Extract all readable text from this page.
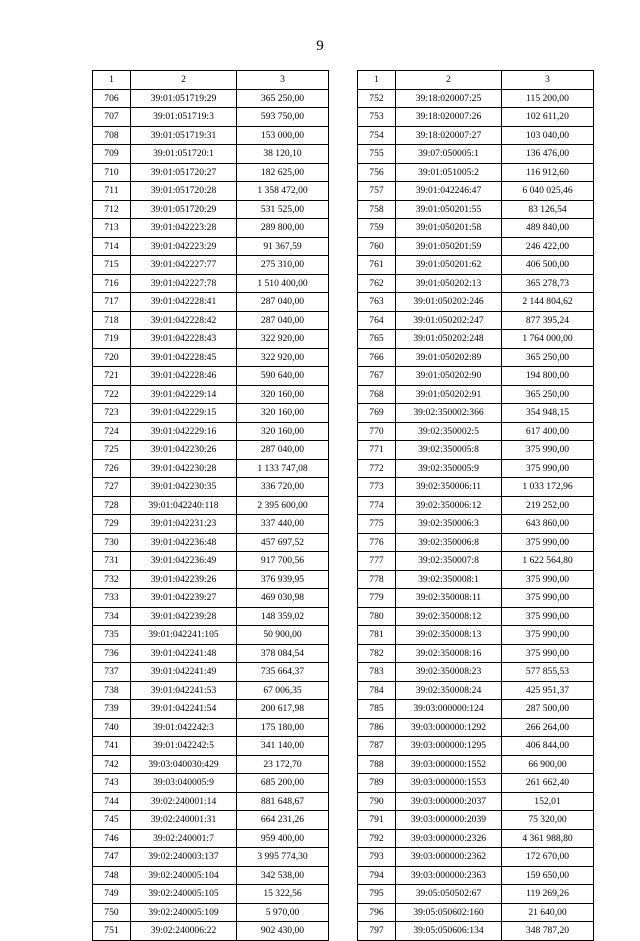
9
1	2	3
706	39:01:051719:29	365 250,00
707	39:01:051719:3	593 750,00
708	39:01:051719:31	153 000,00
709	39:01:051720:1	38 120,10
710	39:01:051720:27	182 625,00
711	39:01:051720:28	1 358 472,00
712	39:01:051720:29	531 525,00
713	39:01:042223:28	289 800,00
714	39:01:042223:29	91 367,59
715	39:01:042227:77	275 310,00
716	39:01:042227:78	1 510 400,00
717	39:01:042228:41	287 040,00
718	39:01:042228:42	287 040,00
719	39:01:042228:43	322 920,00
720	39:01:042228:45	322 920,00
721	39:01:042228:46	590 640,00
722	39:01:042229:14	320 160,00
723	39:01:042229:15	320 160,00
724	39:01:042229:16	320 160,00
725	39:01:042230:26	287 040,00
726	39:01:042230:28	1 133 747,08
727	39:01:042230:35	336 720,00
728	39:01:042240:118	2 395 600,00
729	39:01:042231:23	337 440,00
730	39:01:042236:48	457 697,52
731	39:01:042236:49	917 700,56
732	39:01:042239:26	376 939,95
733	39:01:042239:27	469 030,98
734	39:01:042239:28	148 359,02
735	39:01:042241:105	50 900,00
736	39:01:042241:48	378 084,54
737	39:01:042241:49	735 664,37
738	39:01:042241:53	67 006,35
739	39:01:042241:54	200 617,98
740	39:01:042242:3	175 180,00
741	39:01:042242:5	341 140,00
742	39:03:040030:429	23 172,70
743	39:03:040005:9	685 200,00
744	39:02:240001:14	881 648,67
745	39:02:240001:31	664 231,26
746	39:02:240001:7	959 400,00
747	39:02:240003:137	3 995 774,30
748	39:02:240005:104	342 538,00
749	39:02:240005:105	15 322,56
750	39:02:240005:109	5 970,00
751	39:02:240006:22	902 430,00
1	2	3
752	39:18:020007:25	115 200,00
753	39:18:020007:26	102 611,20
754	39:18:020007:27	103 040,00
755	39:07:050005:1	136 476,00
756	39:01:051005:2	116 912,60
757	39:01:042246:47	6 040 025,46
758	39:01:050201:55	83 126,54
759	39:01:050201:58	489 840,00
760	39:01:050201:59	246 422,00
761	39:01:050201:62	406 500,00
762	39:01:050202:13	365 278,73
763	39:01:050202:246	2 144 804,62
764	39:01:050202:247	877 395,24
765	39:01:050202:248	1 764 000,00
766	39:01:050202:89	365 250,00
767	39:01:050202:90	194 800,00
768	39:01:050202:91	365 250,00
769	39:02:350002:366	354 948,15
770	39:02:350002:5	617 400,00
771	39:02:350005:8	375 990,00
772	39:02:350005:9	375 990,00
773	39:02:350006:11	1 033 172,96
774	39:02:350006:12	219 252,00
775	39:02:350006:3	643 860,00
776	39:02:350006:8	375 990,00
777	39:02:350007:8	1 622 564,80
778	39:02:350008:1	375 990,00
779	39:02:350008:11	375 990,00
780	39:02:350008:12	375 990,00
781	39:02:350008:13	375 990,00
782	39:02:350008:16	375 990,00
783	39:02:350008:23	577 855,53
784	39:02:350008:24	425 951,37
785	39:03:000000:124	287 500,00
786	39:03:000000:1292	266 264,00
787	39:03:000000:1295	406 844,00
788	39:03:000000:1552	66 900,00
789	39:03:000000:1553	261 662,40
790	39:03:000000:2037	152,01
791	39:03:000000:2039	75 320,00
792	39:03:000000:2326	4 361 988,80
793	39:03:000000:2362	172 670,00
794	39:03:000000:2363	159 650,00
795	39:05:050502:67	119 269,26
796	39:05:050602:160	21 640,00
797	39:05:050606:134	348 787,20
